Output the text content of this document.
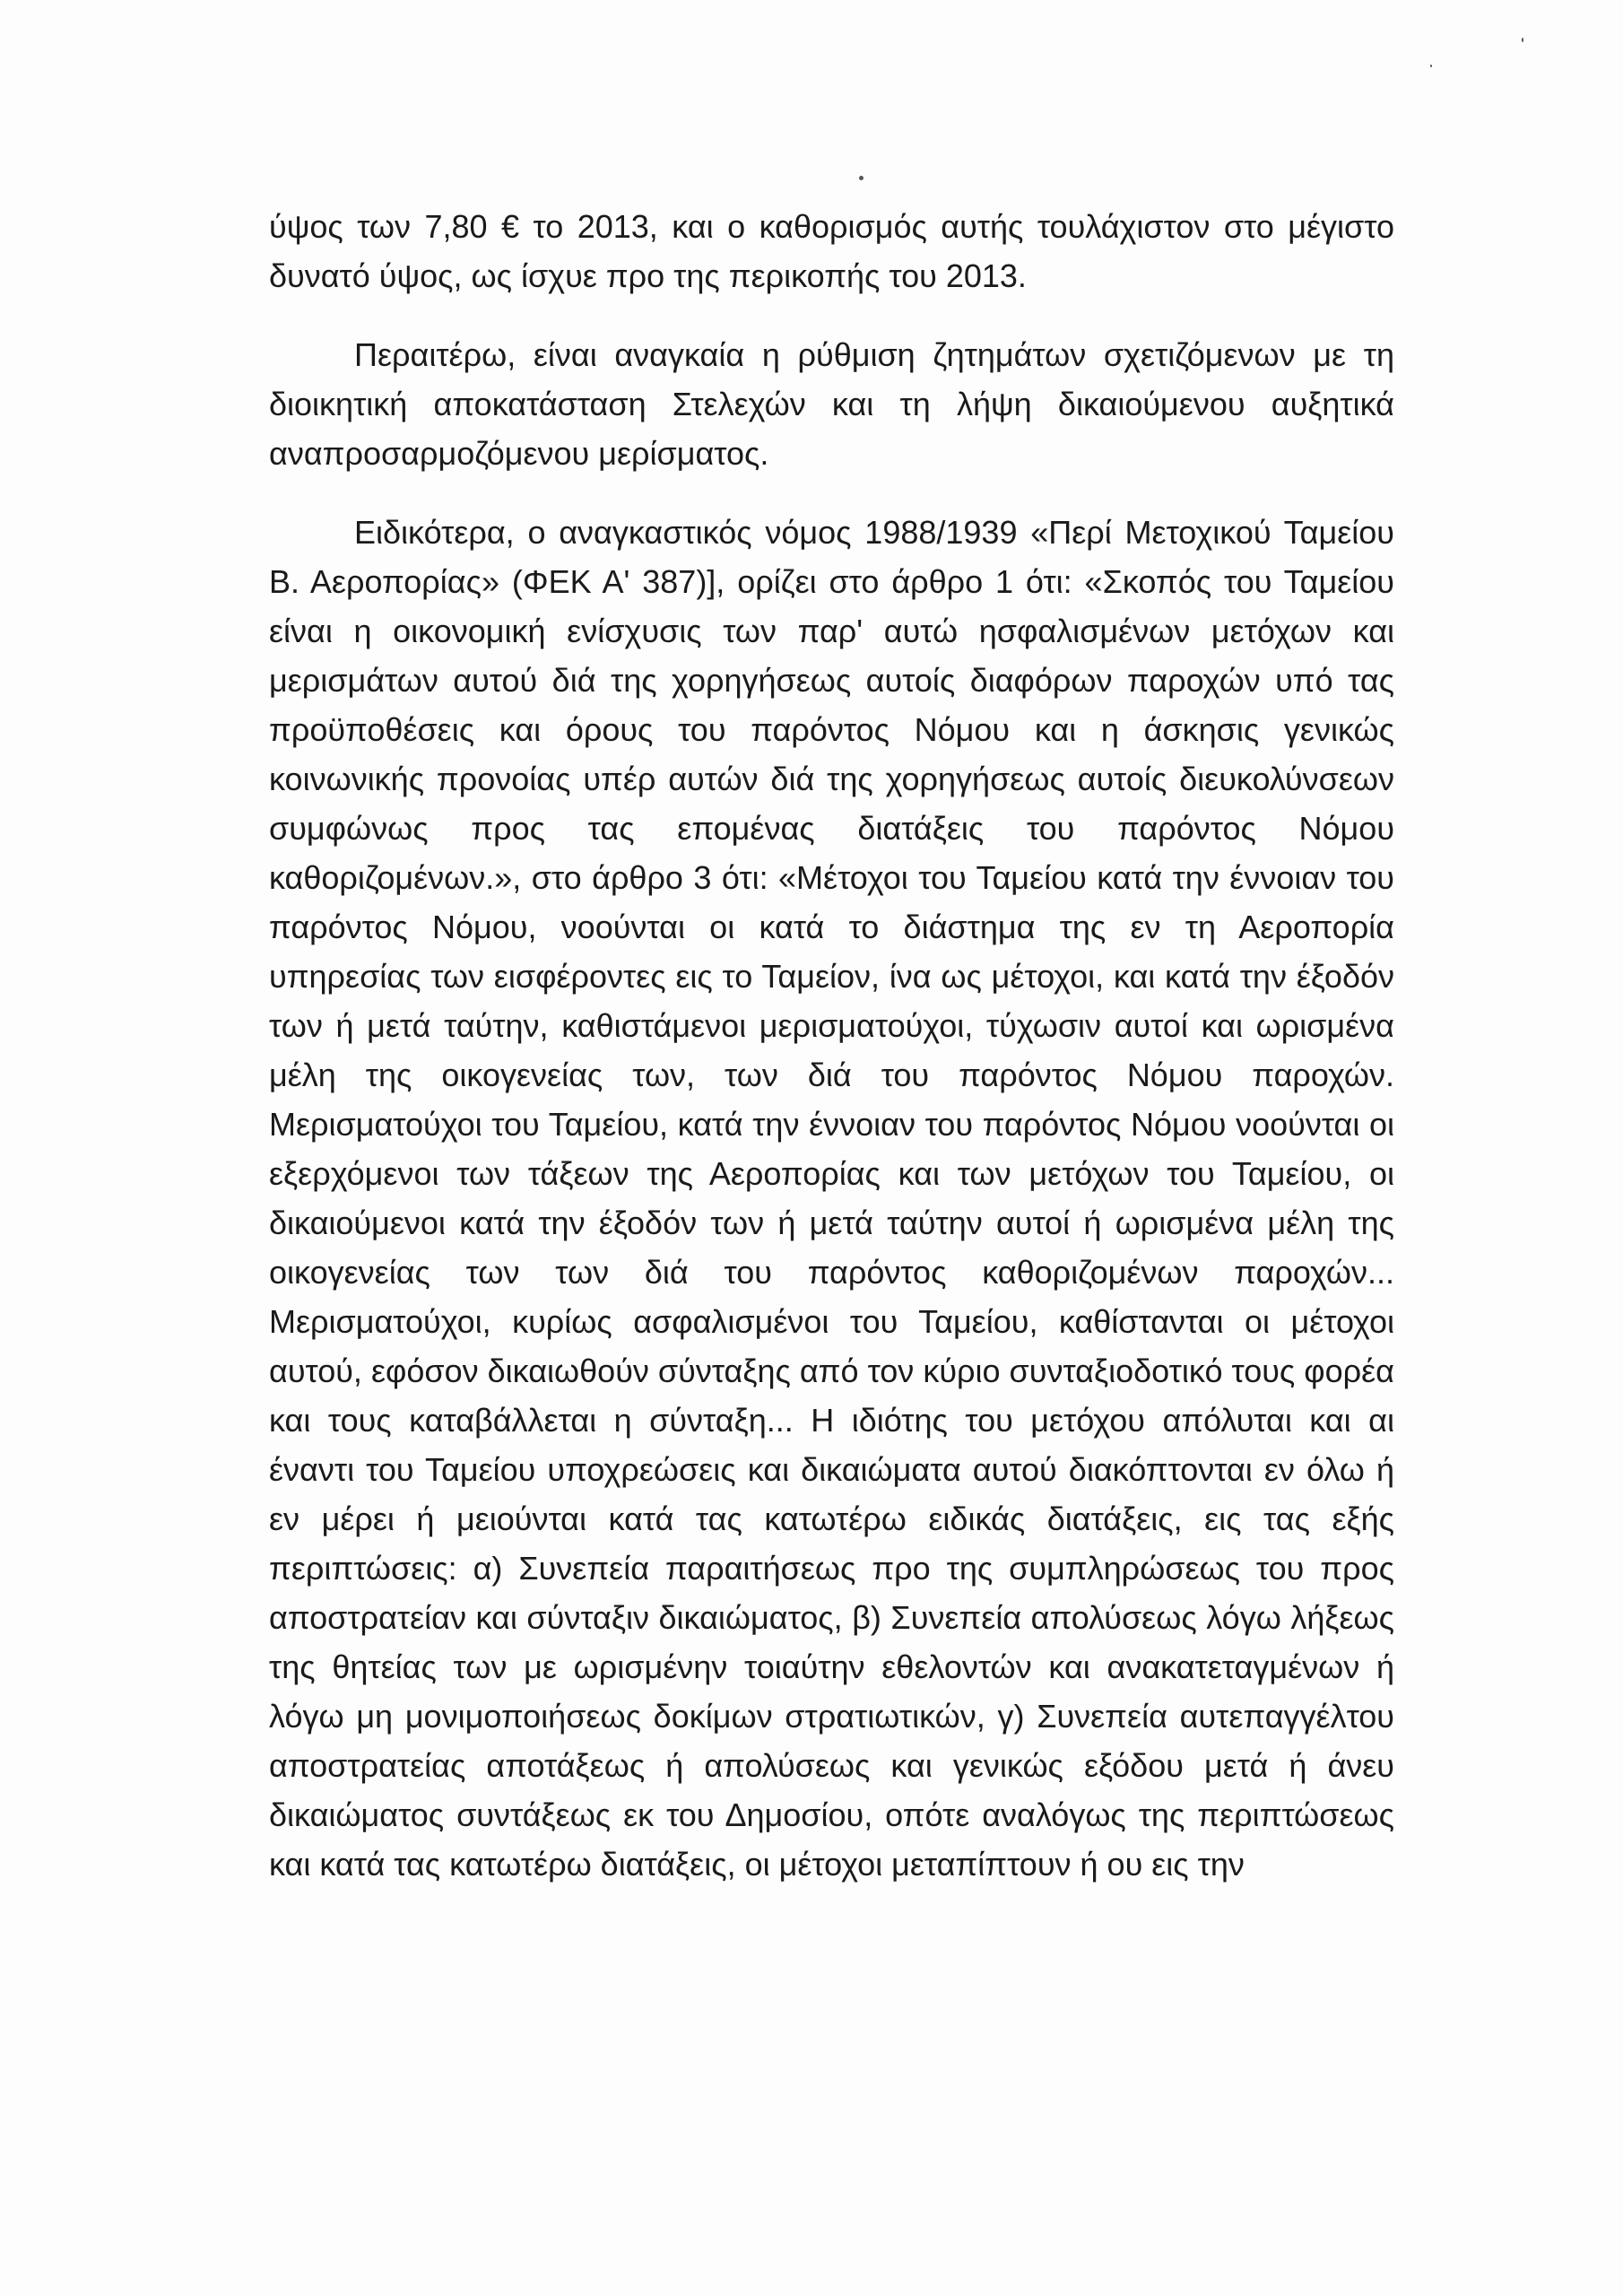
ύψος των 7,80 € το 2013, και ο καθορισμός αυτής τουλάχιστον στο μέγιστο δυνατό ύψος, ως ίσχυε προ της περικοπής του 2013.

Περαιτέρω, είναι αναγκαία η ρύθμιση ζητημάτων σχετιζόμενων με τη διοικητική αποκατάσταση Στελεχών και τη λήψη δικαιούμενου αυξητικά αναπροσαρμοζόμενου μερίσματος.

Ειδικότερα, ο αναγκαστικός νόμος 1988/1939 «Περί Μετοχικού Ταμείου Β. Αεροπορίας» (ΦΕΚ Α' 387)], ορίζει στο άρθρο 1 ότι: «Σκοπός του Ταμείου είναι η οικονομική ενίσχυσις των παρ' αυτώ ησφαλισμένων μετόχων και μερισμάτων αυτού διά της χορηγήσεως αυτοίς διαφόρων παροχών υπό τας προϋποθέσεις και όρους του παρόντος Νόμου και η άσκησις γενικώς κοινωνικής προνοίας υπέρ αυτών διά της χορηγήσεως αυτοίς διευκολύνσεων συμφώνως προς τας επομένας διατάξεις του παρόντος Νόμου καθοριζομένων.», στο άρθρο 3 ότι: «Μέτοχοι του Ταμείου κατά την έννοιαν του παρόντος Νόμου, νοούνται οι κατά το διάστημα της εν τη Αεροπορία υπηρεσίας των εισφέροντες εις το Ταμείον, ίνα ως μέτοχοι, και κατά την έξοδόν των ή μετά ταύτην, καθιστάμενοι μερισματούχοι, τύχωσιν αυτοί και ωρισμένα μέλη της οικογενείας των, των διά του παρόντος Νόμου παροχών. Μερισματούχοι του Ταμείου, κατά την έννοιαν του παρόντος Νόμου νοούνται οι εξερχόμενοι των τάξεων της Αεροπορίας και των μετόχων του Ταμείου, οι δικαιούμενοι κατά την έξοδόν των ή μετά ταύτην αυτοί ή ωρισμένα μέλη της οικογενείας των των διά του παρόντος καθοριζομένων παροχών... Μερισματούχοι, κυρίως ασφαλισμένοι του Ταμείου, καθίστανται οι μέτοχοι αυτού, εφόσον δικαιωθούν σύνταξης από τον κύριο συνταξιοδοτικό τους φορέα και τους καταβάλλεται η σύνταξη... Η ιδιότης του μετόχου απόλυται και αι έναντι του Ταμείου υποχρεώσεις και δικαιώματα αυτού διακόπτονται εν όλω ή εν μέρει ή μειούνται κατά τας κατωτέρω ειδικάς διατάξεις, εις τας εξής περιπτώσεις: α) Συνεπεία παραιτήσεως προ της συμπληρώσεως του προς αποστρατείαν και σύνταξιν δικαιώματος, β) Συνεπεία απολύσεως λόγω λήξεως της θητείας των με ωρισμένην τοιαύτην εθελοντών και ανακατεταγμένων ή λόγω μη μονιμοποιήσεως δοκίμων στρατιωτικών, γ) Συνεπεία αυτεπαγγέλτου αποστρατείας αποτάξεως ή απολύσεως και γενικώς εξόδου μετά ή άνευ δικαιώματος συντάξεως εκ του Δημοσίου, οπότε αναλόγως της περιπτώσεως και κατά τας κατωτέρω διατάξεις, οι μέτοχοι μεταπίπτουν ή ου εις την
